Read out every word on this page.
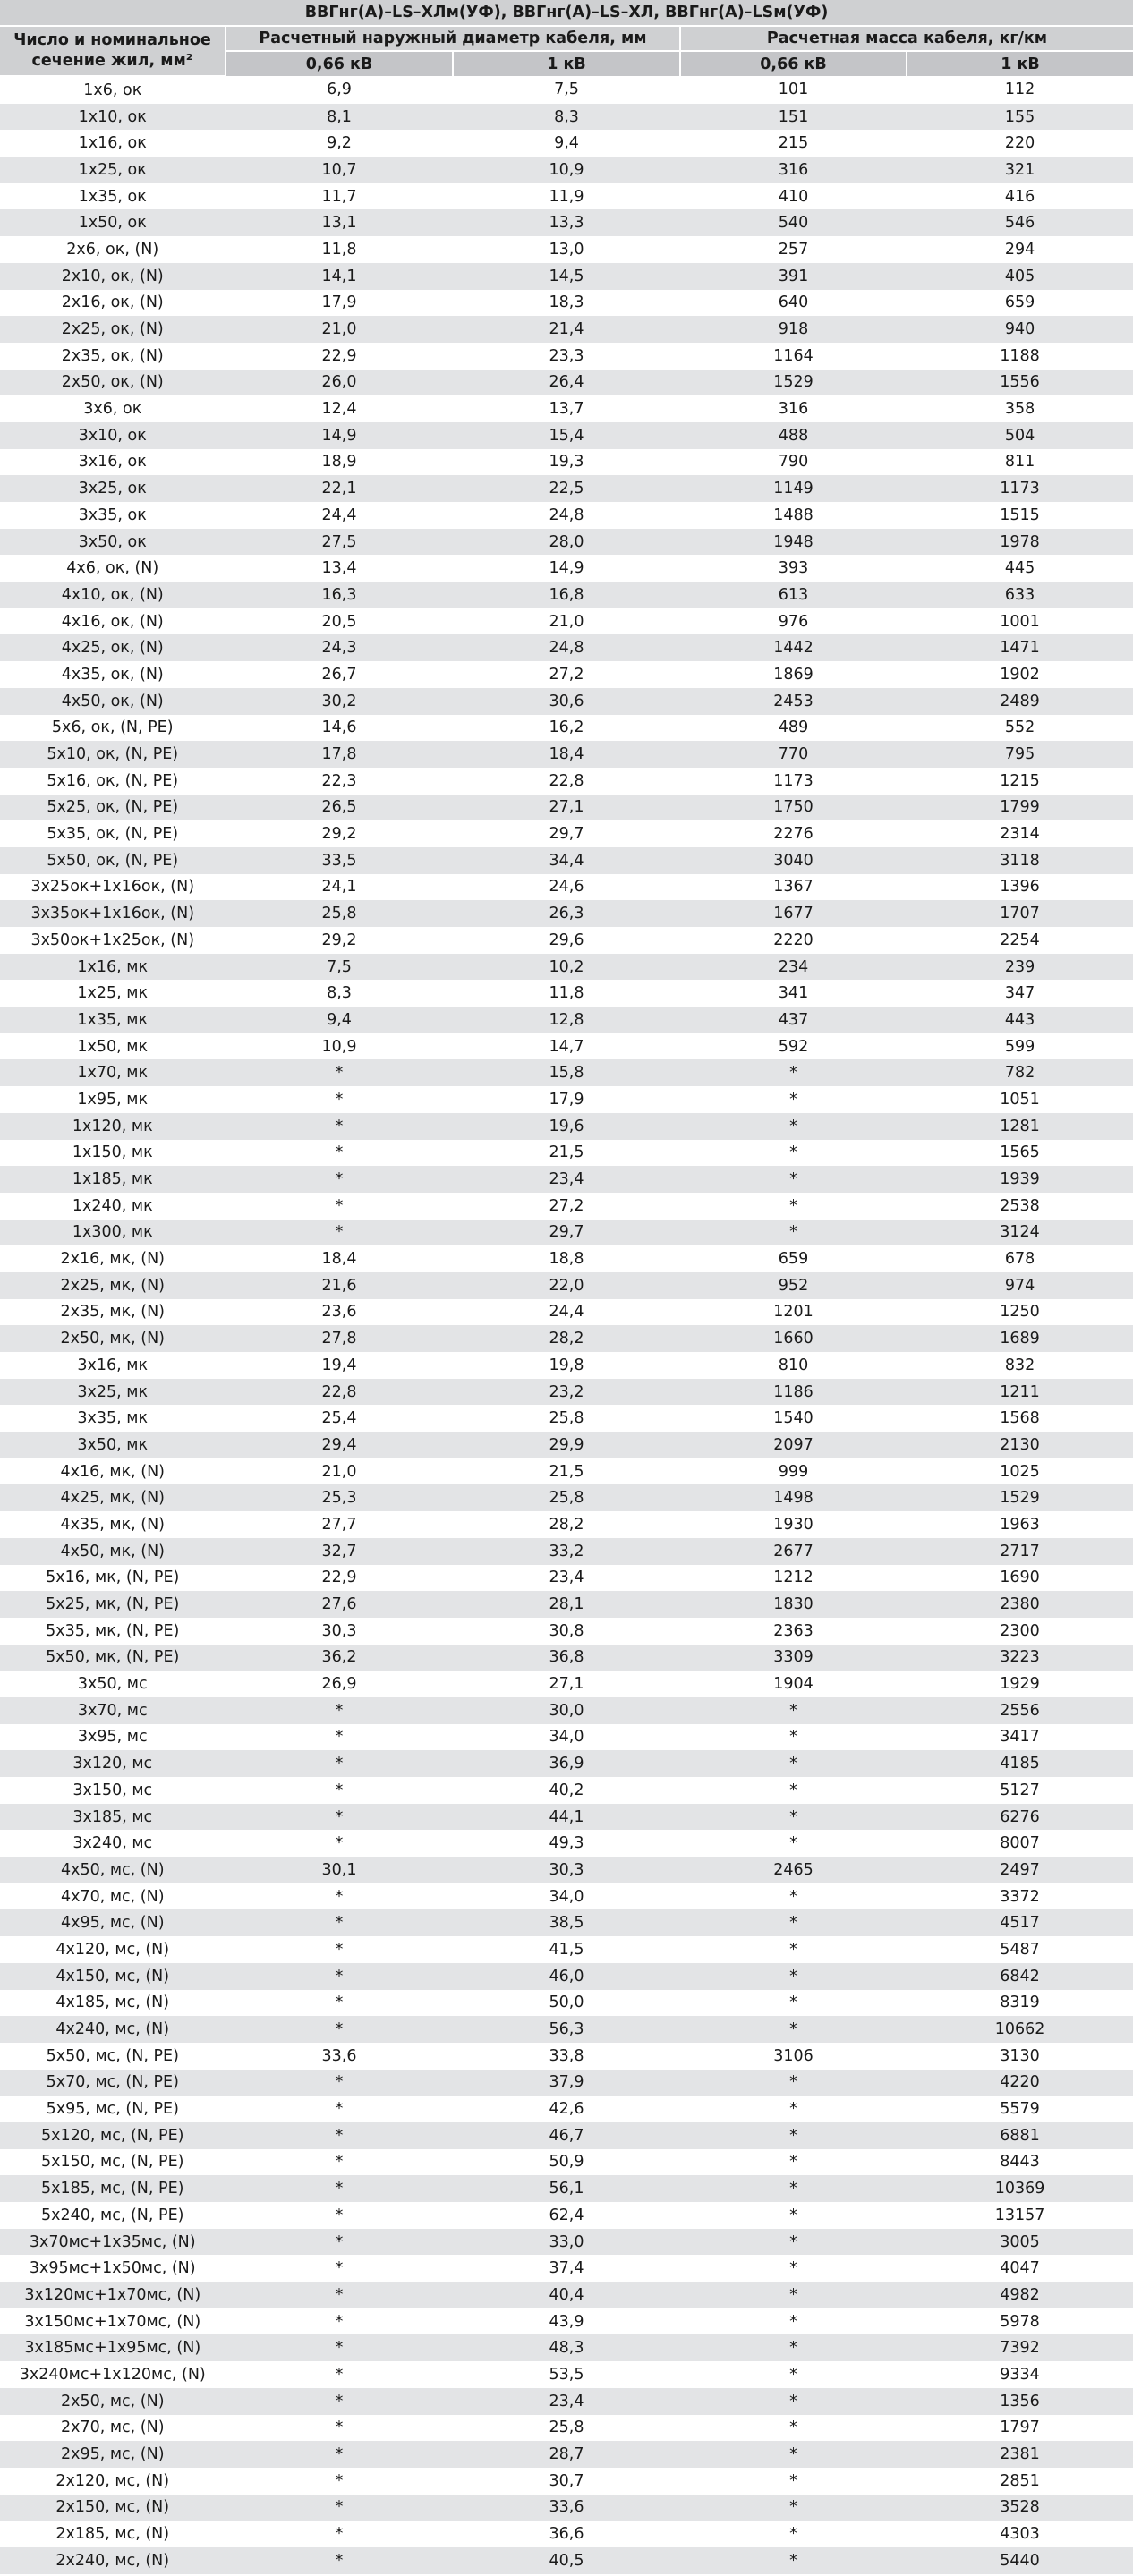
ВВГнг(А)–LS–ХЛм(УФ), ВВГнг(А)–LS–ХЛ, ВВГнг(А)–LSм(УФ)				
Число и номинальное сечение жил, мм²	Расчетный наружный диаметр кабеля, мм		Расчетная масса кабеля, кг/км	
	0,66 кВ	1 кВ	0,66 кВ	1 кВ
1х6, ок	6,9	7,5	101	112
1х10, ок	8,1	8,3	151	155
1х16, ок	9,2	9,4	215	220
1х25, ок	10,7	10,9	316	321
1х35, ок	11,7	11,9	410	416
1х50, ок	13,1	13,3	540	546
2х6, ок, (N)	11,8	13,0	257	294
2х10, ок, (N)	14,1	14,5	391	405
2х16, ок, (N)	17,9	18,3	640	659
2х25, ок, (N)	21,0	21,4	918	940
2х35, ок, (N)	22,9	23,3	1164	1188
2х50, ок, (N)	26,0	26,4	1529	1556
3х6, ок	12,4	13,7	316	358
3х10, ок	14,9	15,4	488	504
3х16, ок	18,9	19,3	790	811
3х25, ок	22,1	22,5	1149	1173
3х35, ок	24,4	24,8	1488	1515
3х50, ок	27,5	28,0	1948	1978
4х6, ок, (N)	13,4	14,9	393	445
4х10, ок, (N)	16,3	16,8	613	633
4х16, ок, (N)	20,5	21,0	976	1001
4х25, ок, (N)	24,3	24,8	1442	1471
4х35, ок, (N)	26,7	27,2	1869	1902
4х50, ок, (N)	30,2	30,6	2453	2489
5х6, ок, (N, PE)	14,6	16,2	489	552
5х10, ок, (N, PE)	17,8	18,4	770	795
5х16, ок, (N, PE)	22,3	22,8	1173	1215
5х25, ок, (N, PE)	26,5	27,1	1750	1799
5х35, ок, (N, PE)	29,2	29,7	2276	2314
5х50, ок, (N, PE)	33,5	34,4	3040	3118
3х25ок+1х16ок, (N)	24,1	24,6	1367	1396
3х35ок+1х16ок, (N)	25,8	26,3	1677	1707
3х50ок+1х25ок, (N)	29,2	29,6	2220	2254
1х16, мк	7,5	10,2	234	239
1х25, мк	8,3	11,8	341	347
1х35, мк	9,4	12,8	437	443
1х50, мк	10,9	14,7	592	599
1х70, мк	*	15,8	*	782
1х95, мк	*	17,9	*	1051
1х120, мк	*	19,6	*	1281
1х150, мк	*	21,5	*	1565
1х185, мк	*	23,4	*	1939
1х240, мк	*	27,2	*	2538
1х300, мк	*	29,7	*	3124
2х16, мк, (N)	18,4	18,8	659	678
2х25, мк, (N)	21,6	22,0	952	974
2х35, мк, (N)	23,6	24,4	1201	1250
2х50, мк, (N)	27,8	28,2	1660	1689
3х16, мк	19,4	19,8	810	832
3х25, мк	22,8	23,2	1186	1211
3х35, мк	25,4	25,8	1540	1568
3х50, мк	29,4	29,9	2097	2130
4х16, мк, (N)	21,0	21,5	999	1025
4х25, мк, (N)	25,3	25,8	1498	1529
4х35, мк, (N)	27,7	28,2	1930	1963
4х50, мк, (N)	32,7	33,2	2677	2717
5х16, мк, (N, PE)	22,9	23,4	1212	1690
5х25, мк, (N, PE)	27,6	28,1	1830	2380
5х35, мк, (N, PE)	30,3	30,8	2363	2300
5х50, мк, (N, PE)	36,2	36,8	3309	3223
3х50, мс	26,9	27,1	1904	1929
3х70, мс	*	30,0	*	2556
3х95, мс	*	34,0	*	3417
3х120, мс	*	36,9	*	4185
3х150, мс	*	40,2	*	5127
3х185, мс	*	44,1	*	6276
3х240, мс	*	49,3	*	8007
4х50, мс, (N)	30,1	30,3	2465	2497
4х70, мс, (N)	*	34,0	*	3372
4х95, мс, (N)	*	38,5	*	4517
4х120, мс, (N)	*	41,5	*	5487
4х150, мс, (N)	*	46,0	*	6842
4х185, мс, (N)	*	50,0	*	8319
4х240, мс, (N)	*	56,3	*	10662
5х50, мс, (N, PE)	33,6	33,8	3106	3130
5х70, мс, (N, PE)	*	37,9	*	4220
5х95, мс, (N, PE)	*	42,6	*	5579
5х120, мс, (N, PE)	*	46,7	*	6881
5х150, мс, (N, PE)	*	50,9	*	8443
5х185, мс, (N, PE)	*	56,1	*	10369
5х240, мс, (N, PE)	*	62,4	*	13157
3х70мс+1х35мс, (N)	*	33,0	*	3005
3х95мс+1х50мс, (N)	*	37,4	*	4047
3х120мс+1х70мс, (N)	*	40,4	*	4982
3х150мс+1х70мс, (N)	*	43,9	*	5978
3х185мс+1х95мс, (N)	*	48,3	*	7392
3х240мс+1х120мс, (N)	*	53,5	*	9334
2х50, мс, (N)	*	23,4	*	1356
2х70, мс, (N)	*	25,8	*	1797
2х95, мс, (N)	*	28,7	*	2381
2х120, мс, (N)	*	30,7	*	2851
2х150, мс, (N)	*	33,6	*	3528
2х185, мс, (N)	*	36,6	*	4303
2х240, мс, (N)	*	40,5	*	5440
